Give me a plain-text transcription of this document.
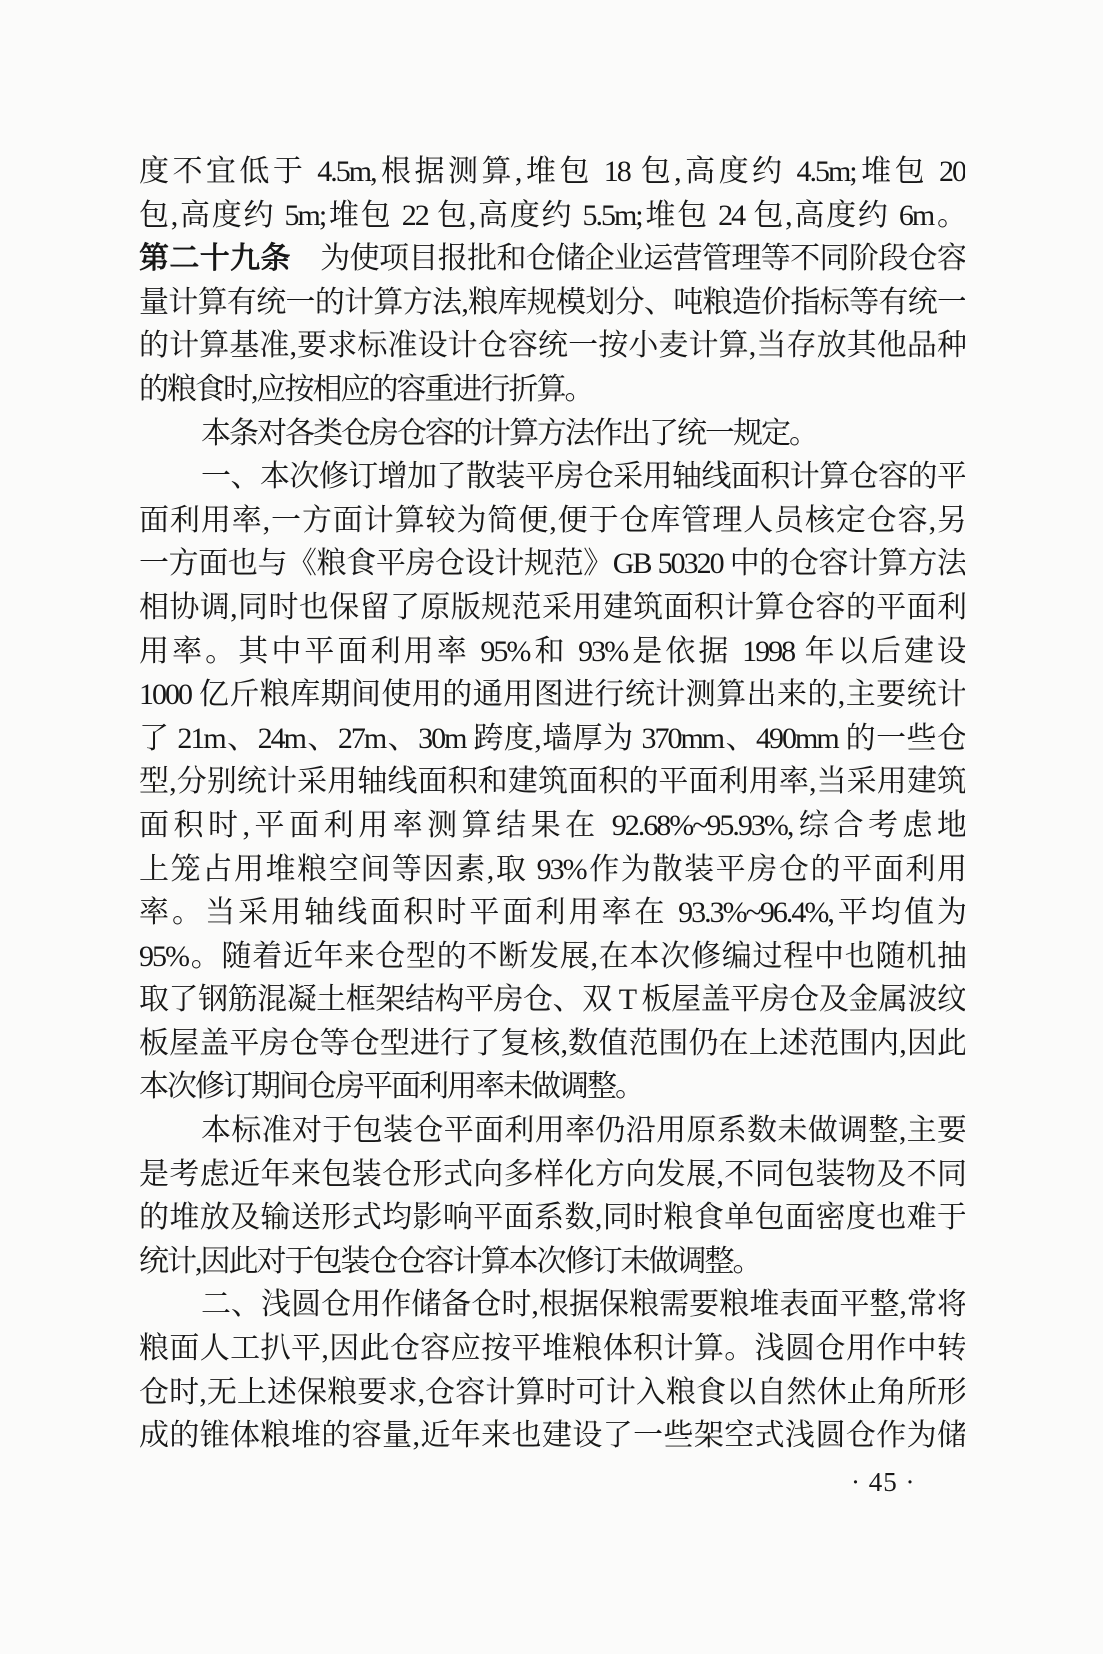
度不宜低于 4.5m,根据测算,堆包 18 包,高度约 4.5m;堆包 20

包,高度约 5m;堆包 22 包,高度约 5.5m;堆包 24 包,高度约 6m。

第二十九条　为使项目报批和仓储企业运营管理等不同阶段仓容

量计算有统一的计算方法,粮库规模划分、吨粮造价指标等有统一

的计算基准,要求标准设计仓容统一按小麦计算,当存放其他品种

的粮食时,应按相应的容重进行折算。

本条对各类仓房仓容的计算方法作出了统一规定。

一、本次修订增加了散装平房仓采用轴线面积计算仓容的平

面利用率,一方面计算较为简便,便于仓库管理人员核定仓容,另

一方面也与《粮食平房仓设计规范》GB 50320 中的仓容计算方法

相协调,同时也保留了原版规范采用建筑面积计算仓容的平面利

用率。其中平面利用率 95%和 93%是依据 1998 年以后建设

1000 亿斤粮库期间使用的通用图进行统计测算出来的,主要统计

了 21m、24m、27m、30m 跨度,墙厚为 370mm、490mm 的一些仓

型,分别统计采用轴线面积和建筑面积的平面利用率,当采用建筑

面积时,平面利用率测算结果在 92.68%~95.93%,综合考虑地

上笼占用堆粮空间等因素,取 93%作为散装平房仓的平面利用

率。当采用轴线面积时平面利用率在 93.3%~96.4%,平均值为

95%。随着近年来仓型的不断发展,在本次修编过程中也随机抽

取了钢筋混凝土框架结构平房仓、双 T 板屋盖平房仓及金属波纹

板屋盖平房仓等仓型进行了复核,数值范围仍在上述范围内,因此

本次修订期间仓房平面利用率未做调整。

本标准对于包装仓平面利用率仍沿用原系数未做调整,主要

是考虑近年来包装仓形式向多样化方向发展,不同包装物及不同

的堆放及输送形式均影响平面系数,同时粮食单包面密度也难于

统计,因此对于包装仓仓容计算本次修订未做调整。

二、浅圆仓用作储备仓时,根据保粮需要粮堆表面平整,常将

粮面人工扒平,因此仓容应按平堆粮体积计算。浅圆仓用作中转

仓时,无上述保粮要求,仓容计算时可计入粮食以自然休止角所形

成的锥体粮堆的容量,近年来也建设了一些架空式浅圆仓作为储

· 45 ·
